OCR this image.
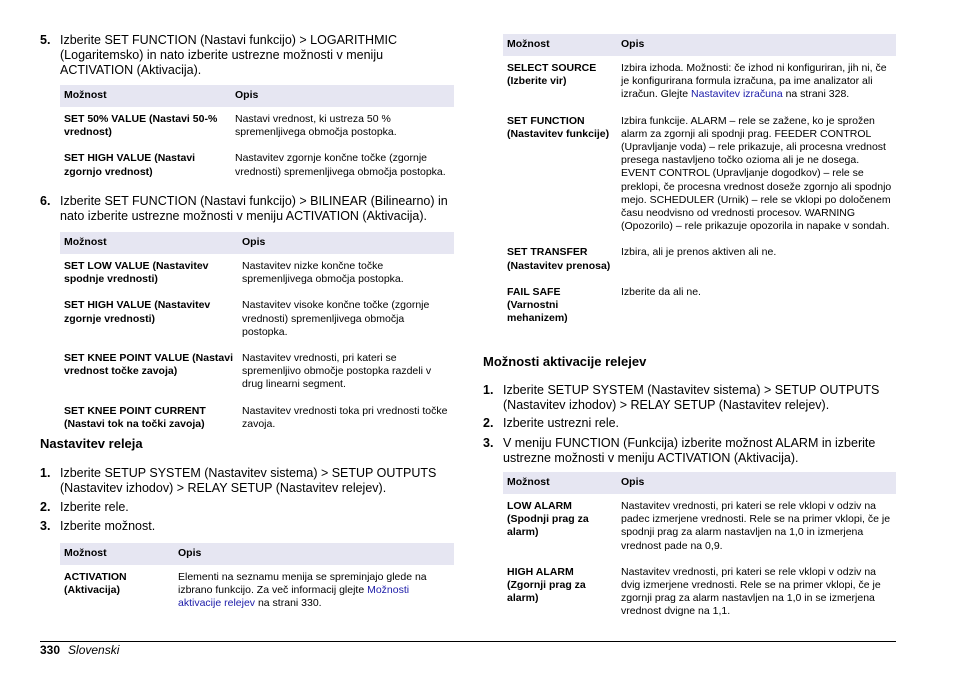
5. Izberite SET FUNCTION (Nastavi funkcijo) > LOGARITHMIC (Logaritemsko) in nato izberite ustrezne možnosti v meniju ACTIVATION (Aktivacija).
Možnost	Opis
SET 50% VALUE (Nastavi 50-% vrednost)	Nastavi vrednost, ki ustreza 50 % spremenljivega območja postopka.
SET HIGH VALUE (Nastavi zgornjo vrednost)	Nastavitev zgornje končne točke (zgornje vrednosti) spremenljivega območja postopka.
6. Izberite SET FUNCTION (Nastavi funkcijo) > BILINEAR (Bilinearno) in nato izberite ustrezne možnosti v meniju ACTIVATION (Aktivacija).
Možnost	Opis
SET LOW VALUE (Nastavitev spodnje vrednosti)	Nastavitev nizke končne točke spremenljivega območja postopka.
SET HIGH VALUE (Nastavitev zgornje vrednosti)	Nastavitev visoke končne točke (zgornje vrednosti) spremenljivega območja postopka.
SET KNEE POINT VALUE (Nastavi vrednost točke zavoja)	Nastavitev vrednosti, pri kateri se spremenljivo območje postopka razdeli v drug linearni segment.
SET KNEE POINT CURRENT (Nastavi tok na točki zavoja)	Nastavitev vrednosti toka pri vrednosti točke zavoja.
Nastavitev releja
1. Izberite SETUP SYSTEM (Nastavitev sistema) > SETUP OUTPUTS (Nastavitev izhodov) > RELAY SETUP (Nastavitev relejev).
2. Izberite rele.
3. Izberite možnost.
Možnost	Opis
ACTIVATION (Aktivacija)	Elementi na seznamu menija se spreminjajo glede na izbrano funkcijo. Za več informacij glejte Možnosti aktivacije relejev na strani 330.
Možnost	Opis
SELECT SOURCE (Izberite vir)	Izbira izhoda. Možnosti: če izhod ni konfiguriran, jih ni, če je konfigurirana formula izračuna, pa ime analizator ali izračun. Glejte Nastavitev izračuna na strani 328.
SET FUNCTION (Nastavitev funkcije)	Izbira funkcije. ALARM – rele se zažene, ko je sprožen alarm za zgornji ali spodnji prag. FEEDER CONTROL (Upravljanje voda) – rele prikazuje, ali procesna vrednost presega nastavljeno točko ozioma ali je ne dosega. EVENT CONTROL (Upravljanje dogodkov) – rele se preklopi, če procesna vrednost doseže zgornjo ali spodnjo mejo. SCHEDULER (Urnik) – rele se vklopi po določenem času neodvisno od vrednosti procesov. WARNING (Opozorilo) – rele prikazuje opozorila in napake v sondah.
SET TRANSFER (Nastavitev prenosa)	Izbira, ali je prenos aktiven ali ne.
FAIL SAFE (Varnostni mehanizem)	Izberite da ali ne.
Možnosti aktivacije relejev
1. Izberite SETUP SYSTEM (Nastavitev sistema) > SETUP OUTPUTS (Nastavitev izhodov) > RELAY SETUP (Nastavitev relejev).
2. Izberite ustrezni rele.
3. V meniju FUNCTION (Funkcija) izberite možnost ALARM in izberite ustrezne možnosti v meniju ACTIVATION (Aktivacija).
Možnost	Opis
LOW ALARM (Spodnji prag za alarm)	Nastavitev vrednosti, pri kateri se rele vklopi v odziv na padec izmerjene vrednosti. Rele se na primer vklopi, če je spodnji prag za alarm nastavljen na 1,0 in izmerjena vrednost pade na 0,9.
HIGH ALARM (Zgornji prag za alarm)	Nastavitev vrednosti, pri kateri se rele vklopi v odziv na dvig izmerjene vrednosti. Rele se na primer vklopi, če je zgornji prag za alarm nastavljen na 1,0 in se izmerjena vrednost dvigne na 1,1.
330 Slovenski
